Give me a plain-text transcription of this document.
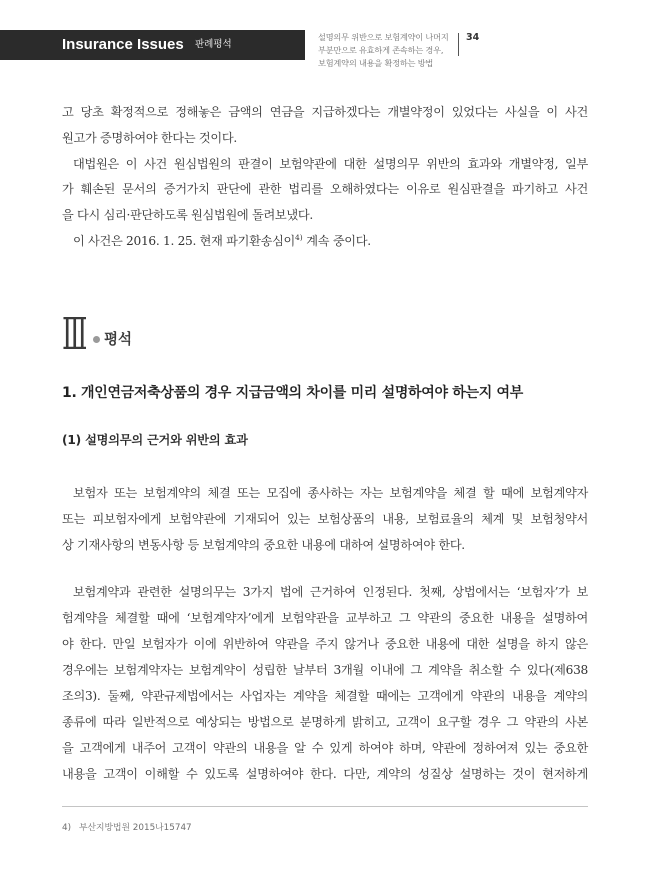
Insurance Issues 판례평석
설명의무 위반으로 보험계약이 나머지
부분만으로 유효하게 존속하는 경우,
보험계약의 내용을 확정하는 방법
34
고 당초 확정적으로 정해놓은 금액의 연금을 지급하겠다는 개별약정이 있었다는 사실을 이 사건
원고가 증명하여야 한다는 것이다.
대법원은 이 사건 원심법원의 판결이 보험약관에 대한 설명의무 위반의 효과와 개별약정, 일부
가 훼손된 문서의 증거가치 판단에 관한 법리를 오해하였다는 이유로 원심판결을 파기하고 사건
을 다시 심리·판단하도록 원심법원에 돌려보냈다.
이 사건은 2016. 1. 25. 현재 파기환송심이$^{4)}$ 계속 중이다.
Ⅲ 평석
1. 개인연금저축상품의 경우 지급금액의 차이를 미리 설명하여야 하는지 여부
(1) 설명의무의 근거와 위반의 효과
보험자 또는 보험계약의 체결 또는 모집에 종사하는 자는 보험계약을 체결 할 때에 보험계약자
또는 피보험자에게 보험약관에 기재되어 있는 보험상품의 내용, 보험료율의 체계 및 보험청약서
상 기재사항의 변동사항 등 보험계약의 중요한 내용에 대하여 설명하여야 한다.
보험계약과 관련한 설명의무는 3가지 법에 근거하여 인정된다. 첫째, 상법에서는 ‘보험자’가 보
험계약을 체결할 때에 ‘보험계약자’에게 보험약관을 교부하고 그 약관의 중요한 내용을 설명하여
야 한다. 만일 보험자가 이에 위반하여 약관을 주지 않거나 중요한 내용에 대한 설명을 하지 않은
경우에는 보험계약자는 보험계약이 성립한 날부터 3개월 이내에 그 계약을 취소할 수 있다(제638
조의3). 둘째, 약관규제법에서는 사업자는 계약을 체결할 때에는 고객에게 약관의 내용을 계약의
종류에 따라 일반적으로 예상되는 방법으로 분명하게 밝히고, 고객이 요구할 경우 그 약관의 사본
을 고객에게 내주어 고객이 약관의 내용을 알 수 있게 하여야 하며, 약관에 정하여져 있는 중요한
내용을 고객이 이해할 수 있도록 설명하여야 한다. 다만, 계약의 성질상 설명하는 것이 현저하게
4) 부산지방법원 2015나15747
